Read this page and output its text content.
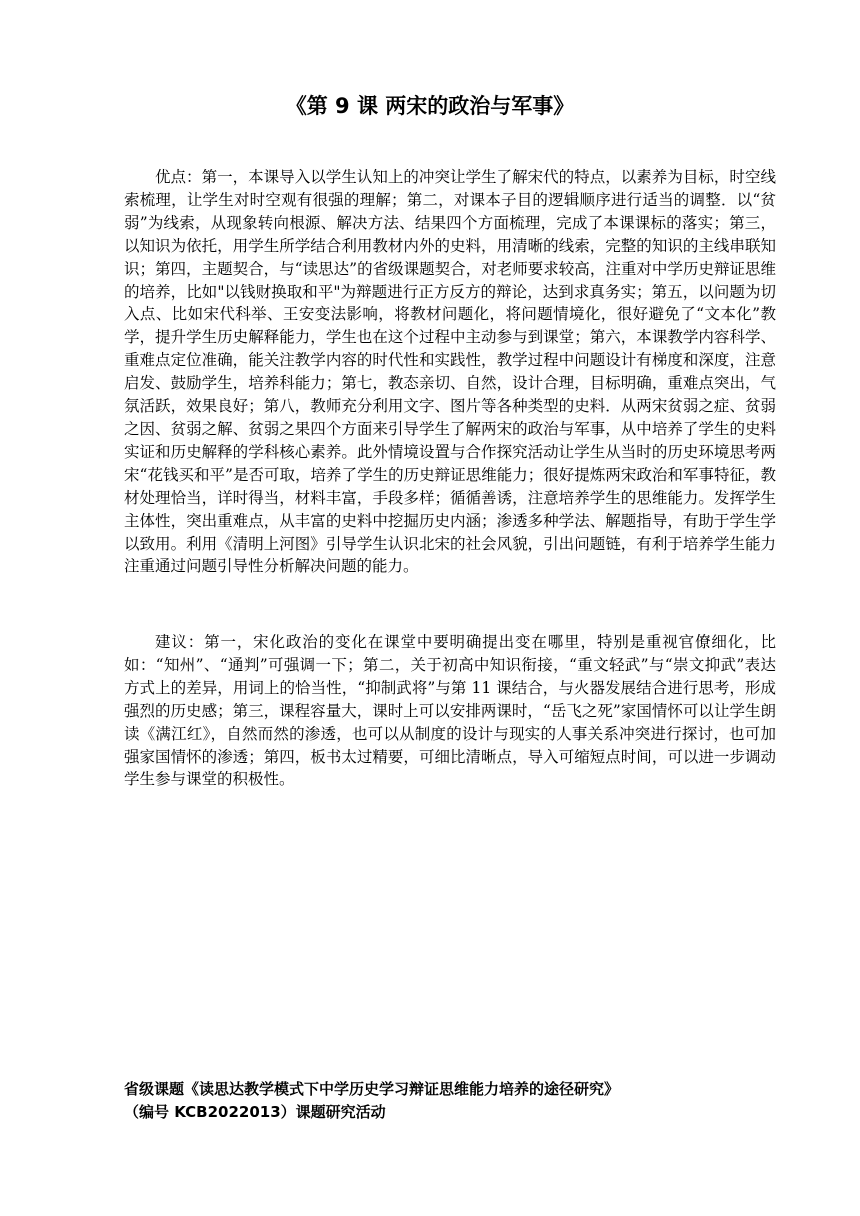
《第 9 课 两宋的政治与军事》

优点：第一，本课导入以学生认知上的冲突让学生了解宋代的特点，以素养为目标，时空线索梳理，让学生对时空观有很强的理解；第二，对课本子目的逻辑顺序进行适当的调整．以“贫弱”为线索，从现象转向根源、解决方法、结果四个方面梳理，完成了本课课标的落实；第三，以知识为依托，用学生所学结合利用教材内外的史料，用清晰的线索，完整的知识的主线串联知识；第四，主题契合，与“读思达”的省级课题契合，对老师要求较高，注重对中学历史辩证思维的培养，比如"以钱财换取和平"为辩题进行正方反方的辩论，达到求真务实；第五，以问题为切入点、比如宋代科举、王安变法影响，将教材问题化，将问题情境化，很好避免了“文本化”教学，提升学生历史解释能力，学生也在这个过程中主动参与到课堂；第六，本课教学内容科学、重难点定位准确，能关注教学内容的时代性和实践性，教学过程中问题设计有梯度和深度，注意启发、鼓励学生，培养科能力；第七，教态亲切、自然，设计合理，目标明确，重难点突出，气氛活跃，效果良好；第八，教师充分利用文字、图片等各种类型的史料．从两宋贫弱之症、贫弱之因、贫弱之解、贫弱之果四个方面来引导学生了解两宋的政治与军事，从中培养了学生的史料实证和历史解释的学科核心素养。此外情境设置与合作探究活动让学生从当时的历史环境思考两宋“花钱买和平”是否可取，培养了学生的历史辩证思维能力；很好提炼两宋政治和军事特征，教材处理恰当，详时得当，材料丰富，手段多样；循循善诱，注意培养学生的思维能力。发挥学生主体性，突出重难点，从丰富的史料中挖掘历史内涵；渗透多种学法、解题指导，有助于学生学以致用。利用《清明上河图》引导学生认识北宋的社会风貌，引出问题链，有利于培养学生能力注重通过问题引导性分析解决问题的能力。

建议：第一，宋化政治的变化在课堂中要明确提出变在哪里，特别是重视官僚细化，比如：“知州”、“通判”可强调一下；第二，关于初高中知识衔接，“重文轻武”与“崇文抑武”表达方式上的差异，用词上的恰当性，“抑制武将”与第 11 课结合，与火器发展结合进行思考，形成强烈的历史感；第三，课程容量大，课时上可以安排两课时，“岳飞之死”家国情怀可以让学生朗读《满江红》，自然而然的渗透，也可以从制度的设计与现实的人事关系冲突进行探讨，也可加强家国情怀的渗透；第四，板书太过精要，可细比清晰点，导入可缩短点时间，可以进一步调动学生参与课堂的积极性。

省级课题《读思达教学模式下中学历史学习辩证思维能力培养的途径研究》
（编号 KCB2022013）课题研究活动
